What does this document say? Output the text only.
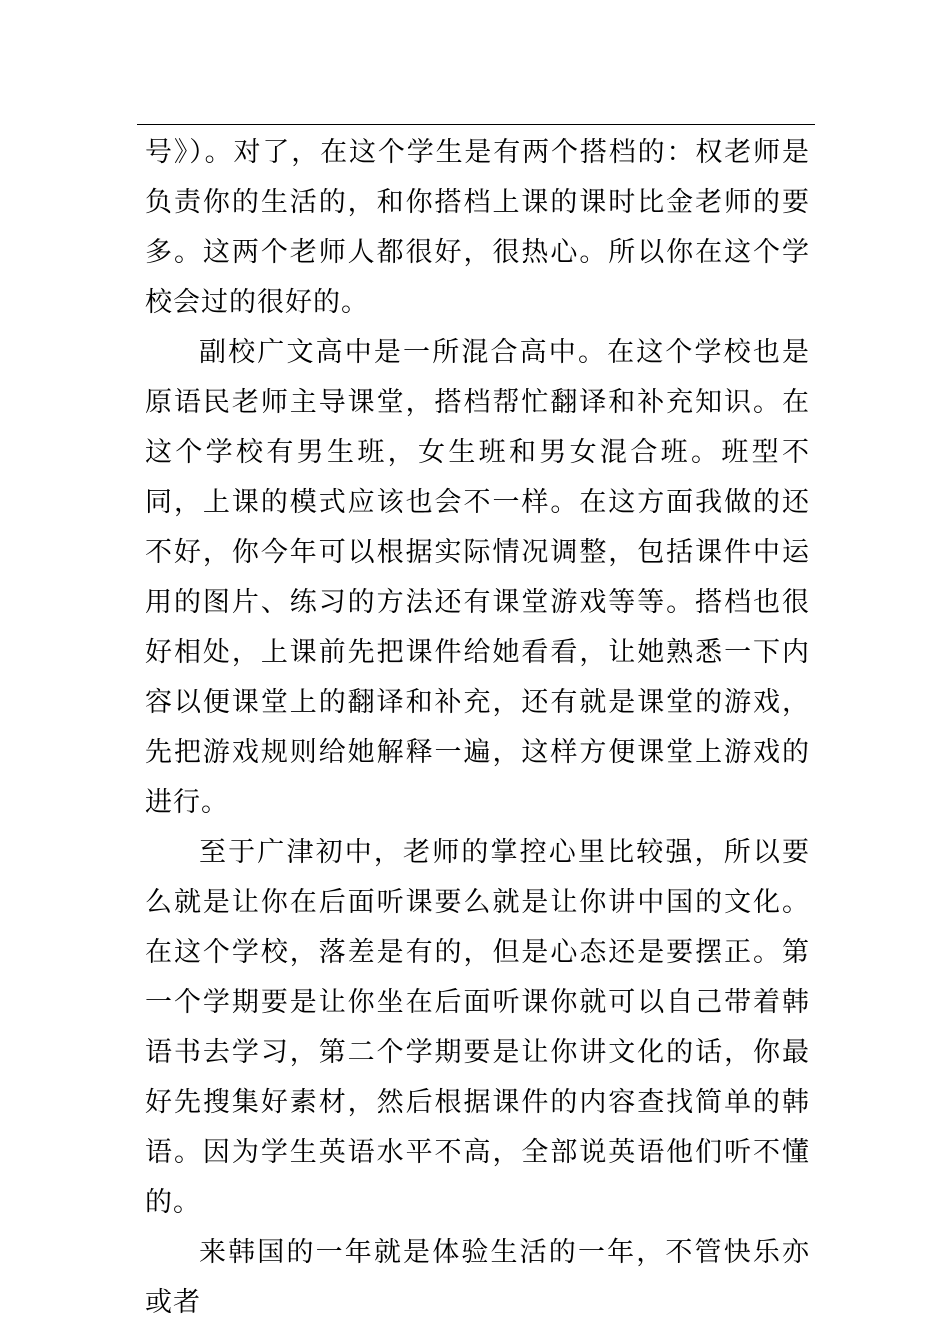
号》）。对了，在这个学生是有两个搭档的：权老师是负责你的生活的，和你搭档上课的课时比金老师的要多。这两个老师人都很好，很热心。所以你在这个学校会过的很好的。

副校广文高中是一所混合高中。在这个学校也是原语民老师主导课堂，搭档帮忙翻译和补充知识。在这个学校有男生班，女生班和男女混合班。班型不同，上课的模式应该也会不一样。在这方面我做的还不好，你今年可以根据实际情况调整，包括课件中运用的图片、练习的方法还有课堂游戏等等。搭档也很好相处，上课前先把课件给她看看，让她熟悉一下内容以便课堂上的翻译和补充，还有就是课堂的游戏，先把游戏规则给她解释一遍，这样方便课堂上游戏的进行。

至于广津初中，老师的掌控心里比较强，所以要么就是让你在后面听课要么就是让你讲中国的文化。在这个学校，落差是有的，但是心态还是要摆正。第一个学期要是让你坐在后面听课你就可以自己带着韩语书去学习，第二个学期要是让你讲文化的话，你最好先搜集好素材，然后根据课件的内容查找简单的韩语。因为学生英语水平不高，全部说英语他们听不懂的。

来韩国的一年就是体验生活的一年，不管快乐亦或者
